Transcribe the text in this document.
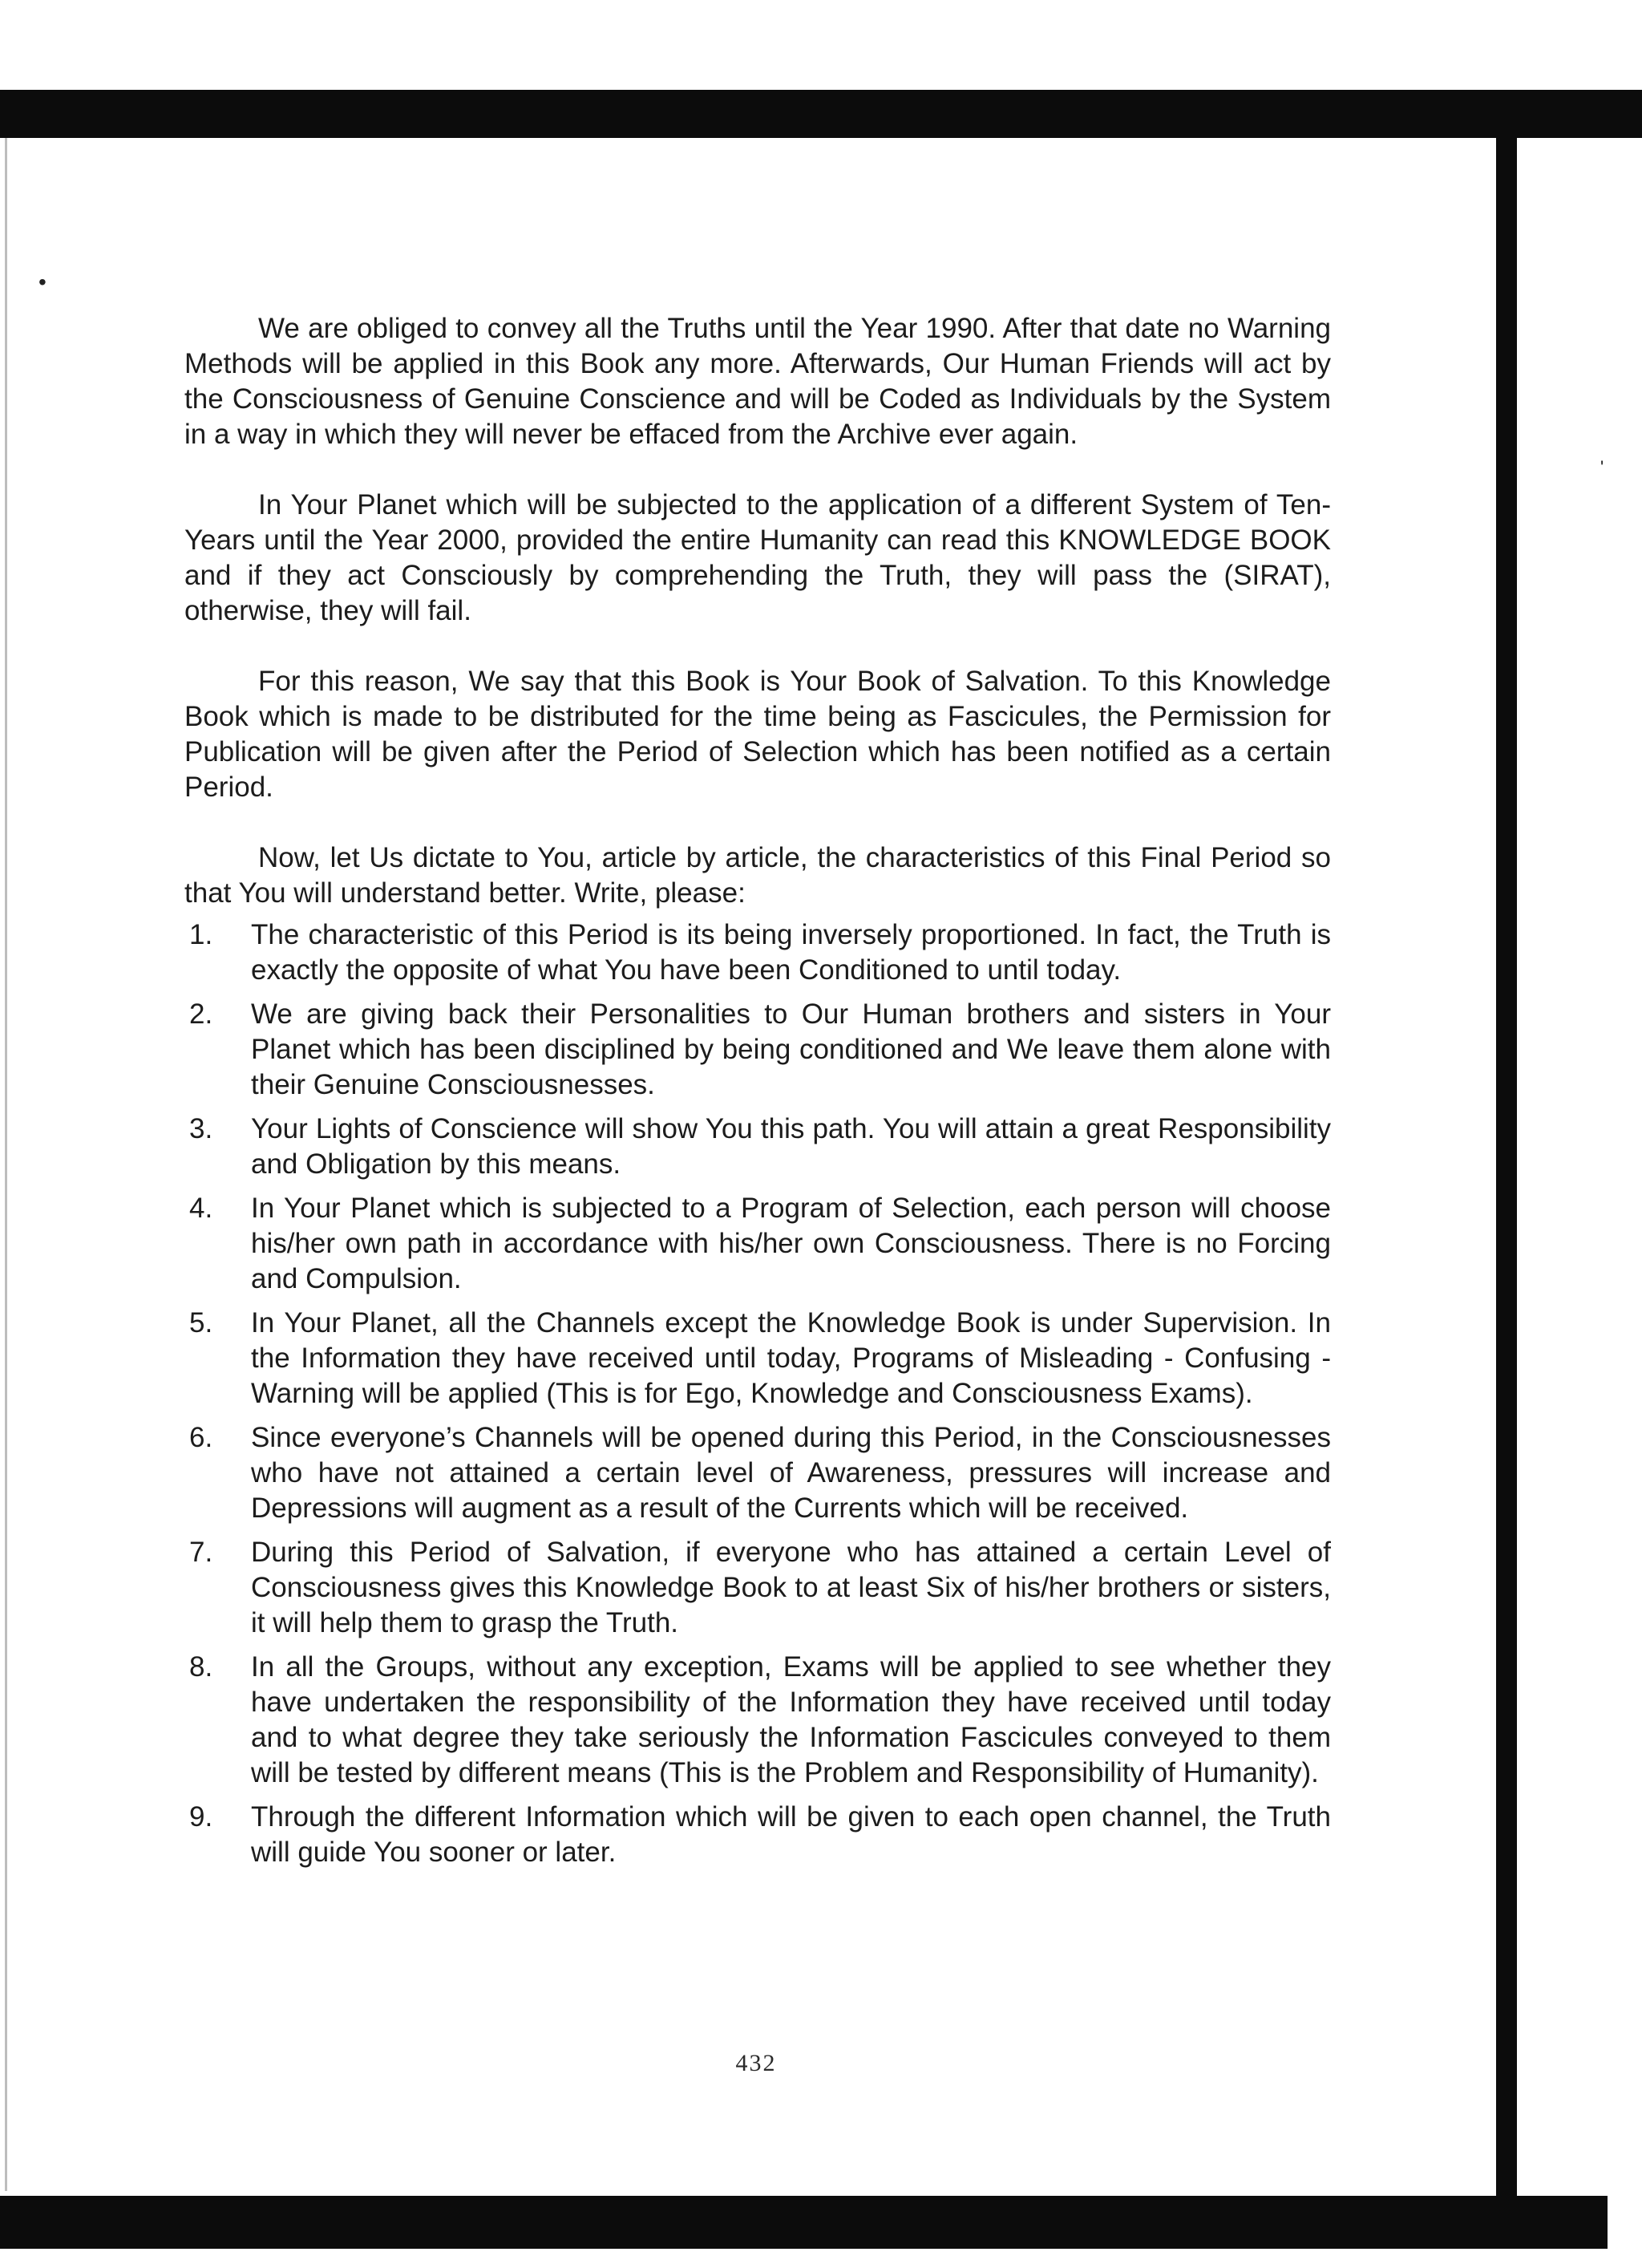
•
'

We are obliged to convey all the Truths until the Year 1990. After that date no Warning Methods will be applied in this Book any more. Afterwards, Our Human Friends will act by the Consciousness of Genuine Conscience and will be Coded as Individuals by the System in a way in which they will never be effaced from the Archive ever again.

In Your Planet which will be subjected to the application of a different System of Ten-Years until the Year 2000, provided the entire Humanity can read this KNOWLEDGE BOOK and if they act Consciously by comprehending the Truth, they will pass the (SIRAT), otherwise, they will fail.

For this reason, We say that this Book is Your Book of Salvation. To this Knowledge Book which is made to be distributed for the time being as Fascicules, the Permission for Publication will be given after the Period of Selection which has been notified as a certain Period.

Now, let Us dictate to You, article by article, the characteristics of this Final Period so that You will understand better. Write, please:

1. The characteristic of this Period is its being inversely proportioned. In fact, the Truth is exactly the opposite of what You have been Conditioned to until today.
2. We are giving back their Personalities to Our Human brothers and sisters in Your Planet which has been disciplined by being conditioned and We leave them alone with their Genuine Consciousnesses.
3. Your Lights of Conscience will show You this path. You will attain a great Responsibility and Obligation by this means.
4. In Your Planet which is subjected to a Program of Selection, each person will choose his/her own path in accordance with his/her own Consciousness. There is no Forcing and Compulsion.
5. In Your Planet, all the Channels except the Knowledge Book is under Supervision. In the Information they have received until today, Programs of Misleading - Confusing - Warning will be applied (This is for Ego, Knowledge and Consciousness Exams).
6. Since everyone’s Channels will be opened during this Period, in the Consciousnesses who have not attained a certain level of Awareness, pressures will increase and Depressions will augment as a result of the Currents which will be received.
7. During this Period of Salvation, if everyone who has attained a certain Level of Consciousness gives this Knowledge Book to at least Six of his/her brothers or sisters, it will help them to grasp the Truth.
8. In all the Groups, without any exception, Exams will be applied to see whether they have undertaken the responsibility of the Information they have received until today and to what degree they take seriously the Information Fascicules conveyed to them will be tested by different means (This is the Problem and Responsibility of Humanity).
9. Through the different Information which will be given to each open channel, the Truth will guide You sooner or later.
432
